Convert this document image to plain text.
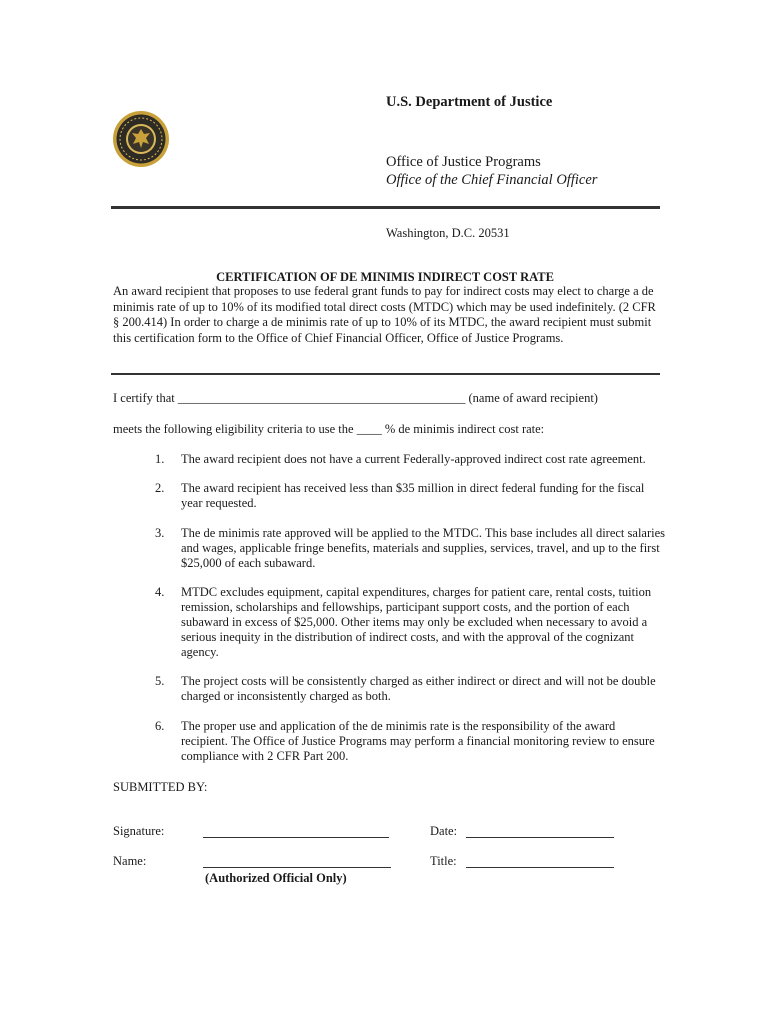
U.S. Department of Justice
Office of Justice Programs
Office of the Chief Financial Officer
Washington, D.C. 20531
CERTIFICATION OF DE MINIMIS INDIRECT COST RATE
An award recipient that proposes to use federal grant funds to pay for indirect costs may elect to charge a de minimis rate of up to 10% of its modified total direct costs (MTDC) which may be used indefinitely. (2 CFR § 200.414) In order to charge a de minimis rate of up to 10% of its MTDC, the award recipient must submit this certification form to the Office of Chief Financial Officer, Office of Justice Programs.
I certify that ______________________________________________ (name of award recipient)
meets the following eligibility criteria to use the ____ % de minimis indirect cost rate:
1.	The award recipient does not have a current Federally-approved indirect cost rate agreement.
2.	The award recipient has received less than $35 million in direct federal funding for the fiscal year requested.
3.	The de minimis rate approved will be applied to the MTDC. This base includes all direct salaries and wages, applicable fringe benefits, materials and supplies, services, travel, and up to the first $25,000 of each subaward.
4.	MTDC excludes equipment, capital expenditures, charges for patient care, rental costs, tuition remission, scholarships and fellowships, participant support costs, and the portion of each subaward in excess of $25,000. Other items may only be excluded when necessary to avoid a serious inequity in the distribution of indirect costs, and with the approval of the cognizant agency.
5.	The project costs will be consistently charged as either indirect or direct and will not be double charged or inconsistently charged as both.
6.	The proper use and application of the de minimis rate is the responsibility of the award recipient. The Office of Justice Programs may perform a financial monitoring review to ensure compliance with 2 CFR Part 200.
SUBMITTED BY:
Signature:	Date:
Name:	Title:
(Authorized Official Only)
